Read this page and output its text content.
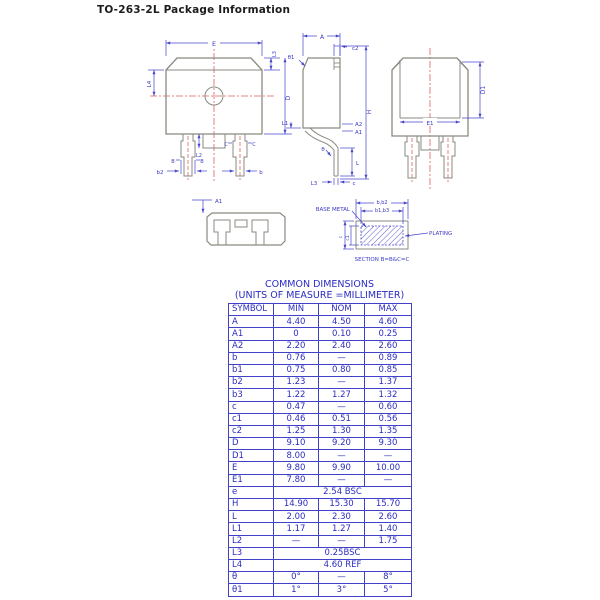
TO-263-2L Package Information
E
L3
D
L4
L2
b2	b
B	B
C	C
A
c2
θ1
L1	A2
A1
θ
L
L3	c
H
E1
D1
A1	b,b2
b1,b3
BASE METAL
PLATING
c c1
SECTION B=B&C=C
COMMON DIMENSIONS
(UNITS OF MEASURE =MILLIMETER)
SYMBOL	MIN	NOM	MAX
A	4.40	4.50	4.60
A1	0	0.10	0.25
A2	2.20	2.40	2.60
b	0.76	—	0.89
b1	0.75	0.80	0.85
b2	1.23	—	1.37
b3	1.22	1.27	1.32
c	0.47	—	0.60
c1	0.46	0.51	0.56
c2	1.25	1.30	1.35
D	9.10	9.20	9.30
D1	8.00	—	—
E	9.80	9.90	10.00
E1	7.80	—	—
e	2.54 BSC		
H	14.90	15.30	15.70
L	2.00	2.30	2.60
L1	1.17	1.27	1.40
L2	—	—	1.75
L3	0.25BSC		
L4	4.60 REF		
θ	0°	—	8°
θ1	1°	3°	5°
